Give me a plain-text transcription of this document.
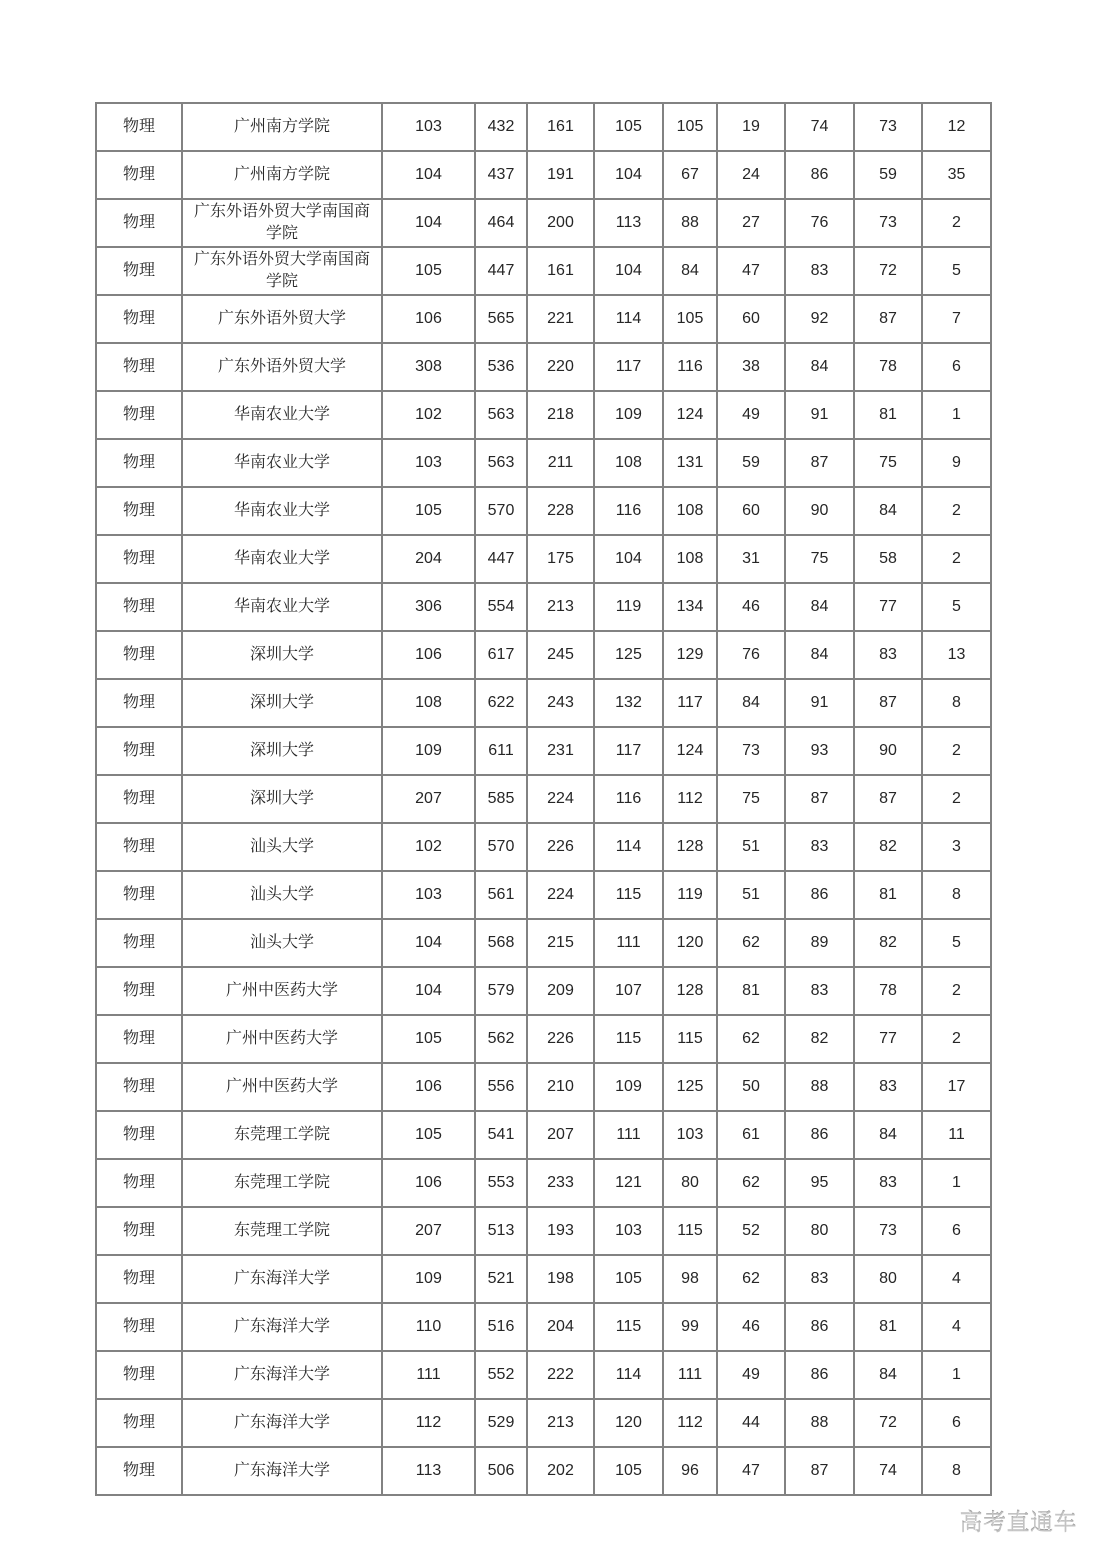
物理	广州南方学院	103	432	161	105	105	19	74	73	12
物理	广州南方学院	104	437	191	104	67	24	86	59	35
物理	广东外语外贸大学南国商学院	104	464	200	113	88	27	76	73	2
物理	广东外语外贸大学南国商学院	105	447	161	104	84	47	83	72	5
物理	广东外语外贸大学	106	565	221	114	105	60	92	87	7
物理	广东外语外贸大学	308	536	220	117	116	38	84	78	6
物理	华南农业大学	102	563	218	109	124	49	91	81	1
物理	华南农业大学	103	563	211	108	131	59	87	75	9
物理	华南农业大学	105	570	228	116	108	60	90	84	2
物理	华南农业大学	204	447	175	104	108	31	75	58	2
物理	华南农业大学	306	554	213	119	134	46	84	77	5
物理	深圳大学	106	617	245	125	129	76	84	83	13
物理	深圳大学	108	622	243	132	117	84	91	87	8
物理	深圳大学	109	611	231	117	124	73	93	90	2
物理	深圳大学	207	585	224	116	112	75	87	87	2
物理	汕头大学	102	570	226	114	128	51	83	82	3
物理	汕头大学	103	561	224	115	119	51	86	81	8
物理	汕头大学	104	568	215	111	120	62	89	82	5
物理	广州中医药大学	104	579	209	107	128	81	83	78	2
物理	广州中医药大学	105	562	226	115	115	62	82	77	2
物理	广州中医药大学	106	556	210	109	125	50	88	83	17
物理	东莞理工学院	105	541	207	111	103	61	86	84	11
物理	东莞理工学院	106	553	233	121	80	62	95	83	1
物理	东莞理工学院	207	513	193	103	115	52	80	73	6
物理	广东海洋大学	109	521	198	105	98	62	83	80	4
物理	广东海洋大学	110	516	204	115	99	46	86	81	4
物理	广东海洋大学	111	552	222	114	111	49	86	84	1
物理	广东海洋大学	112	529	213	120	112	44	88	72	6
物理	广东海洋大学	113	506	202	105	96	47	87	74	8
高考直通车
